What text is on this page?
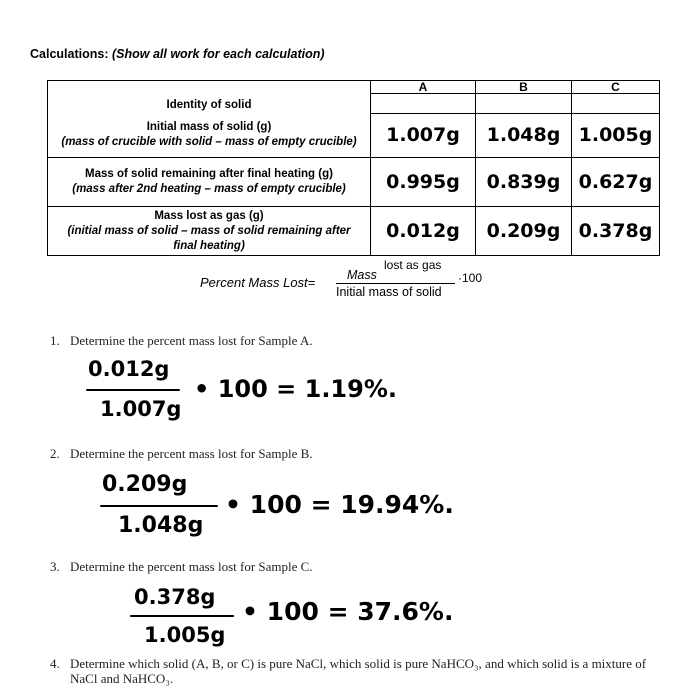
Calculations: (Show all work for each calculation)
Identity of solid	A	B	C

Initial mass of solid (g)
(mass of crucible with solid – mass of empty crucible)	1.007g	1.048g	1.005g

Mass of solid remaining after final heating (g)
(mass after 2nd heating – mass of empty crucible)	0.995g	0.839g	0.627g

Mass lost as gas (g)
(initial mass of solid – mass of solid remaining after
final heating)	0.012g	0.209g	0.378g
Percent Mass Lost=
lost as gas
Mass
Initial mass of solid
·100
1. Determine the percent mass lost for Sample A.
0.012g
1.007g
• 100 = 1.19%.
2. Determine the percent mass lost for Sample B.
0.209g
1.048g
• 100 = 19.94%.
3. Determine the percent mass lost for Sample C.
0.378g
1.005g
• 100 = 37.6%.
4. Determine which solid (A, B, or C) is pure NaCl, which solid is pure NaHCO₃, and which solid is a mixture of NaCl and NaHCO₃.
